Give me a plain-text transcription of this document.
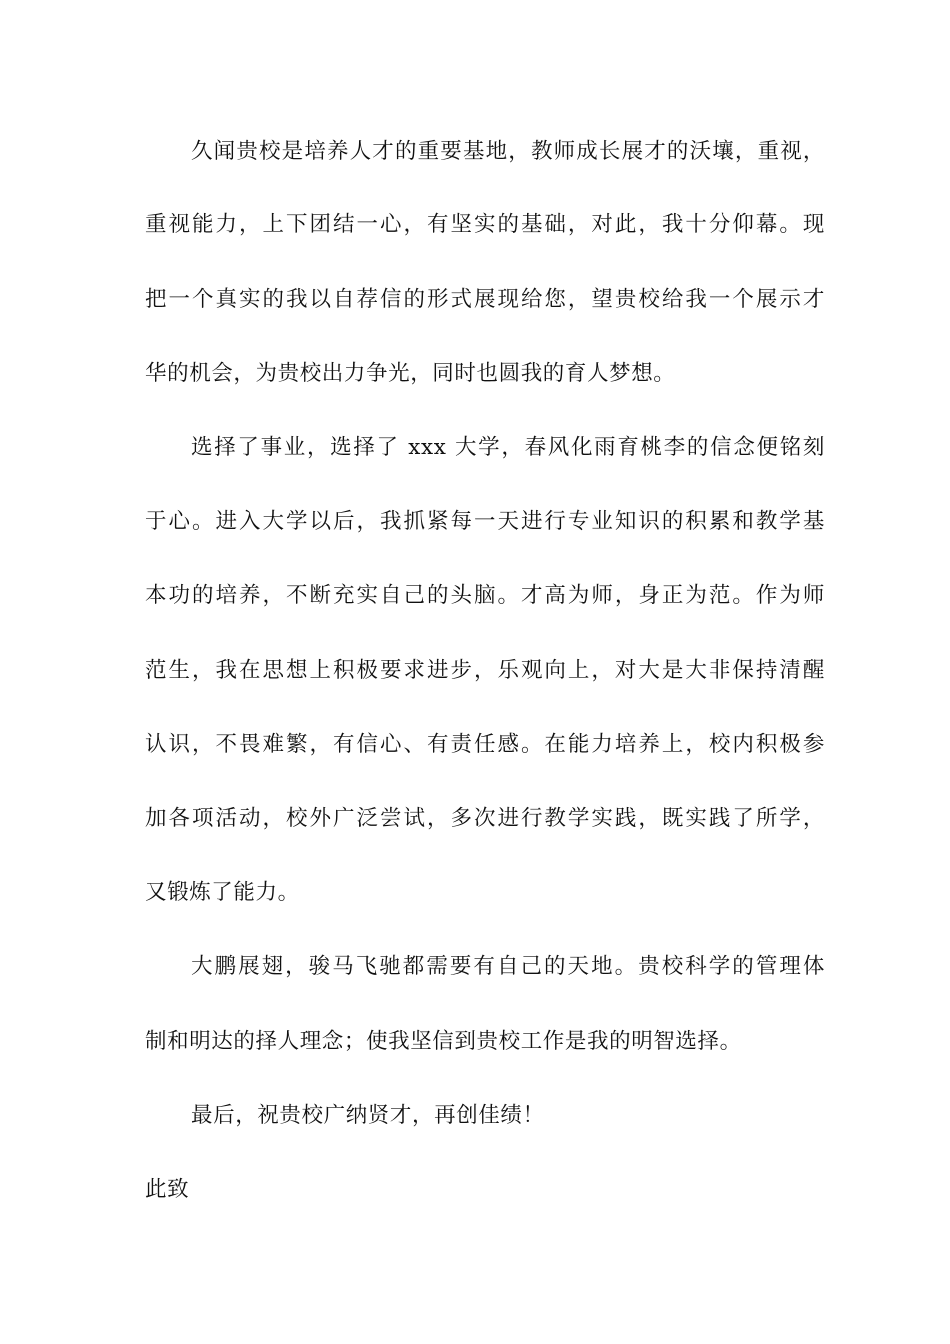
久闻贵校是培养人才的重要基地，教师成长展才的沃壤，重视，
重视能力，上下团结一心，有坚实的基础，对此，我十分仰幕。现
把一个真实的我以自荐信的形式展现给您，望贵校给我一个展示才
华的机会，为贵校出力争光，同时也圆我的育人梦想。
选择了事业，选择了 xxx 大学，春风化雨育桃李的信念便铭刻
于心。进入大学以后，我抓紧每一天进行专业知识的积累和教学基
本功的培养，不断充实自己的头脑。才高为师，身正为范。作为师
范生，我在思想上积极要求进步，乐观向上，对大是大非保持清醒
认识，不畏难繁，有信心、有责任感。在能力培养上，校内积极参
加各项活动，校外广泛尝试，多次进行教学实践，既实践了所学，
又锻炼了能力。
大鹏展翅，骏马飞驰都需要有自己的天地。贵校科学的管理体
制和明达的择人理念；使我坚信到贵校工作是我的明智选择。
最后，祝贵校广纳贤才，再创佳绩！
此致
